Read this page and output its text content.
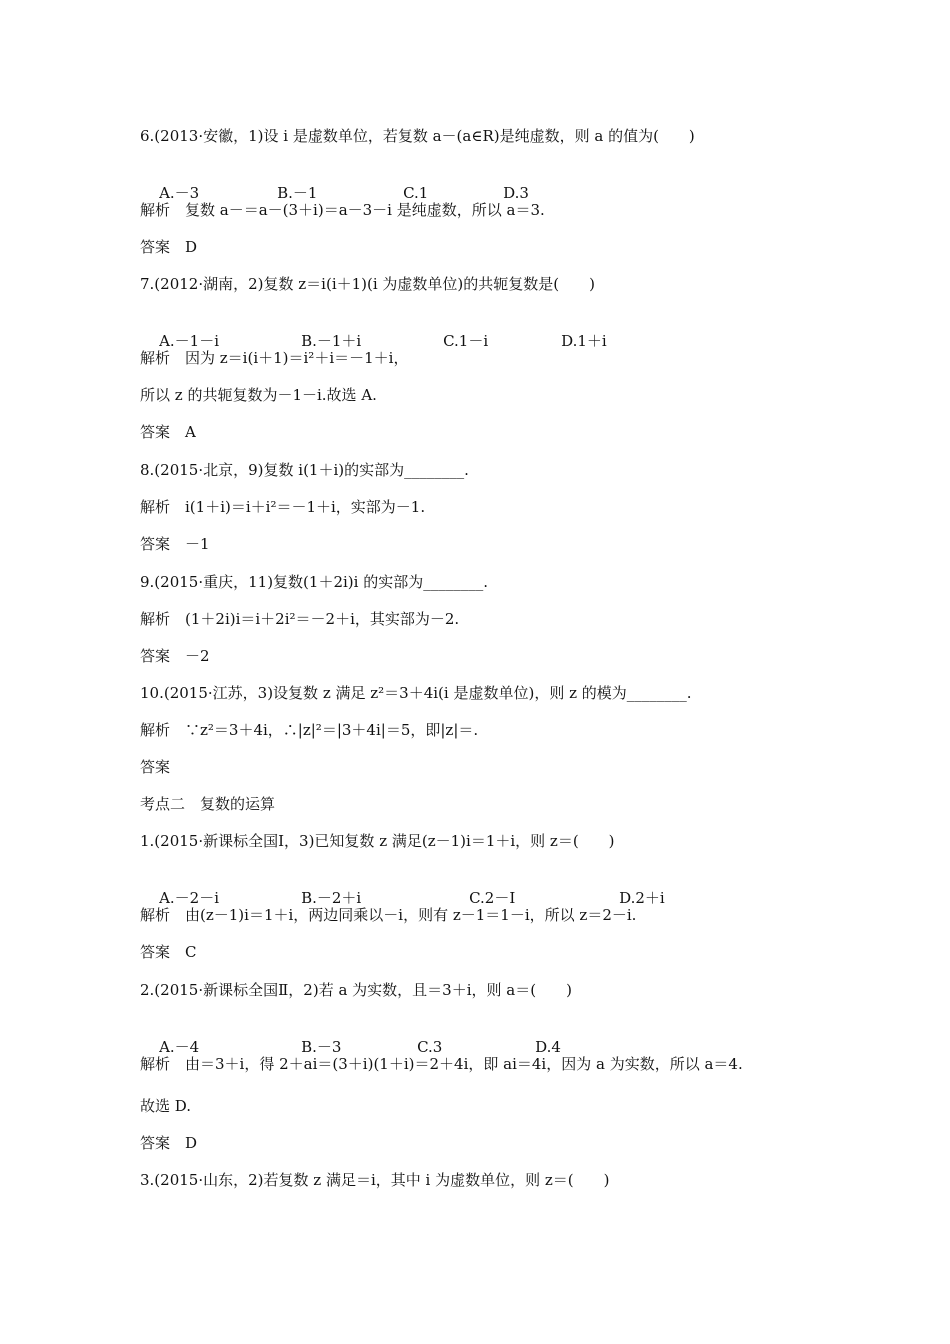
6.(2013·安徽，1)设 i 是虚数单位，若复数 a－(a∈R)是纯虚数，则 a 的值为(　　)

A.－3	B.－1	C.1	D.3

解析　复数 a－＝a－(3＋i)＝a－3－i 是纯虚数，所以 a＝3.
答案　D
7.(2012·湖南，2)复数 z＝i(i＋1)(i 为虚数单位)的共轭复数是(　　)

A.－1－i	B.－1＋i	C.1－i	D.1＋i

解析　因为 z＝i(i＋1)＝i²＋i＝－1＋i，
所以 z 的共轭复数为－1－i.故选 A.
答案　A
8.(2015·北京，9)复数 i(1＋i)的实部为________.
解析　i(1＋i)＝i＋i²＝－1＋i，实部为－1.
答案　－1
9.(2015·重庆，11)复数(1＋2i)i 的实部为________.
解析　(1＋2i)i＝i＋2i²＝－2＋i，其实部为－2.
答案　－2
10.(2015·江苏，3)设复数 z 满足 z²＝3＋4i(i 是虚数单位)，则 z 的模为________.
解析　∵z²＝3＋4i，∴|z|²＝|3＋4i|＝5，即|z|＝.
答案
考点二　复数的运算
1.(2015·新课标全国Ⅰ，3)已知复数 z 满足(z－1)i＝1＋i，则 z＝(　　)

A.－2－i	B.－2＋i	C.2－I	D.2＋i

解析　由(z－1)i＝1＋i，两边同乘以－i，则有 z－1＝1－i，所以 z＝2－i.
答案　C
2.(2015·新课标全国Ⅱ，2)若 a 为实数，且＝3＋i，则 a＝(　　)

A.－4	B.－3	C.3	D.4

解析　由＝3＋i，得 2＋ai＝(3＋i)(1＋i)＝2＋4i，即 ai＝4i，因为 a 为实数，所以 a＝4.
故选 D.
答案　D
3.(2015·山东，2)若复数 z 满足＝i，其中 i 为虚数单位，则 z＝(　　)
